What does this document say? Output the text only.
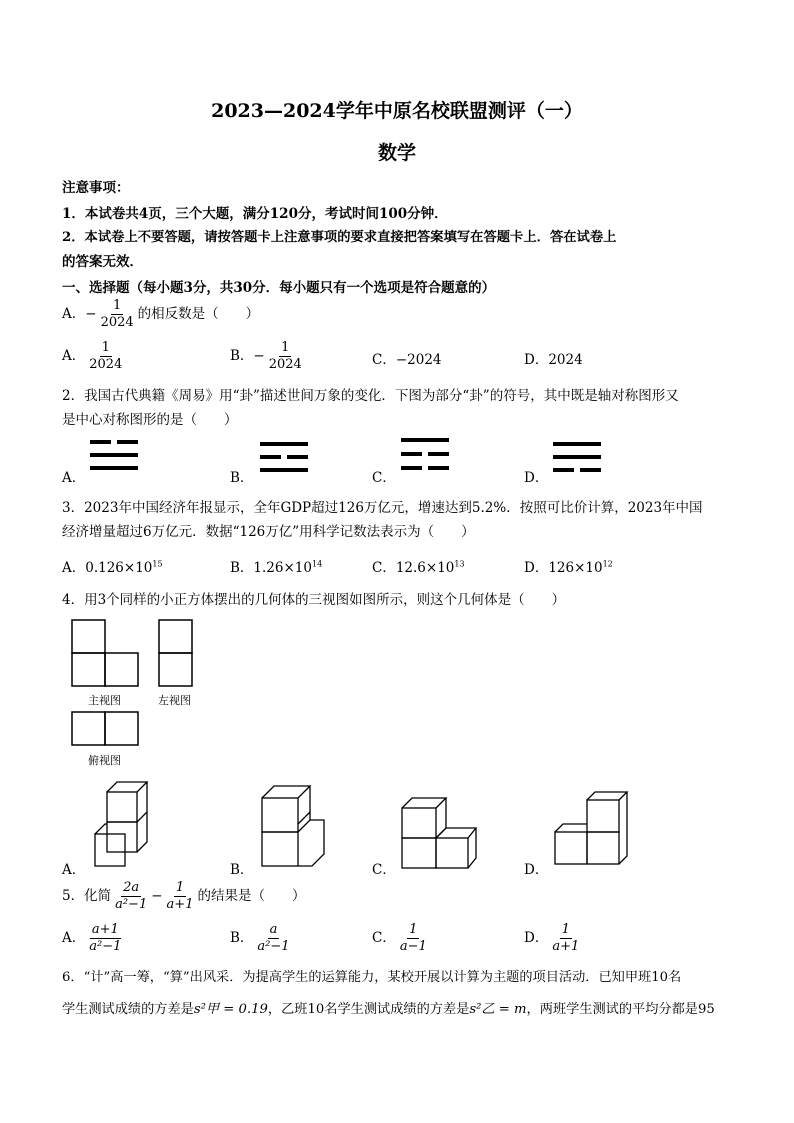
2023—2024学年中原名校联盟测评（一）
数学
注意事项：
1．本试卷共4页，三个大题，满分120分，考试时间100分钟．
2．本试卷上不要答题，请按答题卡上注意事项的要求直接把答案填写在答题卡上．答在试卷上
的答案无效．
一、选择题（每小题3分，共30分．每小题只有一个选项是符合题意的）
A．− $\frac{1}{2024}$ 的相反数是（　　）
A． $\frac{1}{2024}$	B．− $\frac{1}{2024}$	C．−2024	D．2024
2．我国古代典籍《周易》用“卦”描述世间万象的变化．下图为部分“卦”的符号，其中既是轴对称图形又
是中心对称图形的是（　　）
A．	B．	C．	D．
3．2023年中国经济年报显示，全年GDP超过126万亿元，增速达到5.2%．按照可比价计算，2023年中国
经济增量超过6万亿元．数据“126万亿”用科学记数法表示为（　　）
A．$0.126\times 10^{15}$	B．$1.26\times 10^{14}$	C．$12.6\times 10^{13}$	D．$126\times 10^{12}$
4．用3个同样的小正方体摆出的几何体的三视图如图所示，则这个几何体是（　　）
主视图	左视图
俯视图
A．	B．	C．	D．
5．化简 $\frac{2a}{\text{a²−1}} - \frac{1}{a+1}$ 的结果是（　　）
A． $\frac{a+1}{\text{a²−1}}$	B． $\frac{a}{\text{a²−1}}$	C． $\frac{1}{a-1}$	D． $\frac{1}{a+1}$
6．“计”高一筹，“算”出风采．为提高学生的运算能力，某校开展以计算为主题的项目活动．已知甲班10名
学生测试成绩的方差是s²甲 = 0.19，乙班10名学生测试成绩的方差是s²乙 = m，两班学生测试的平均分都是95
